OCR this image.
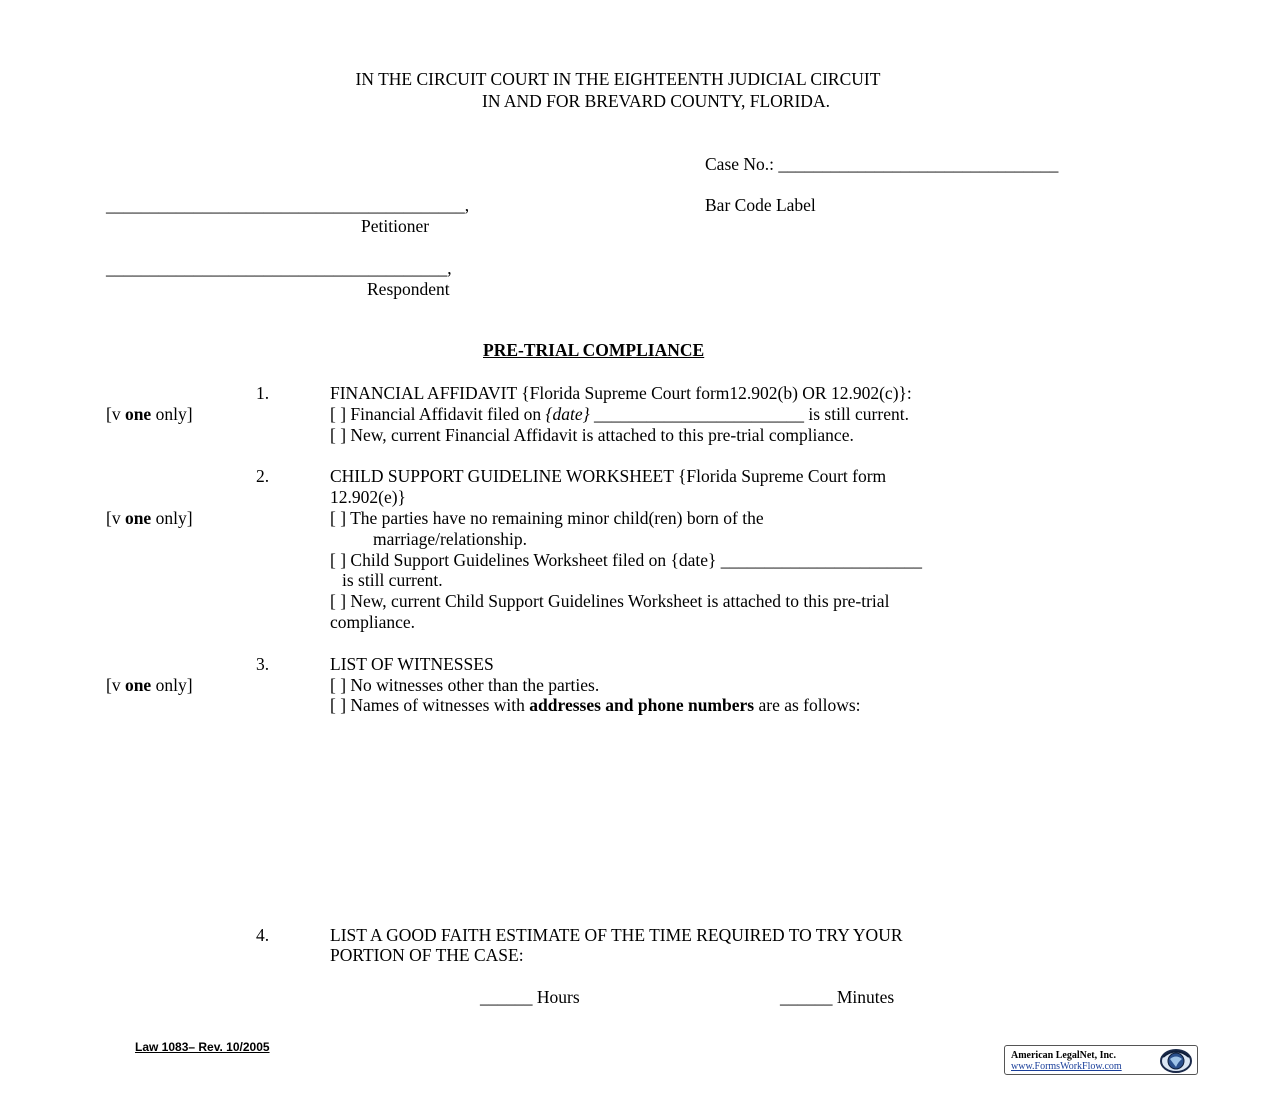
IN THE CIRCUIT COURT IN THE EIGHTEENTH JUDICIAL CIRCUIT
IN AND FOR BREVARD COUNTY, FLORIDA.
Case No.: ________________________________
_________________________________________,	Bar Code Label
Petitioner
_______________________________________,
Respondent
PRE-TRIAL COMPLIANCE
1.	FINANCIAL AFFIDAVIT {Florida Supreme Court form12.902(b) OR 12.902(c)}:
[v one only]	[ ] Financial Affidavit filed on {date} ________________________ is still current.
[ ] New, current Financial Affidavit is attached to this pre-trial compliance.
2.	CHILD SUPPORT GUIDELINE WORKSHEET {Florida Supreme Court form
12.902(e)}
[v one only]	[ ] The parties have no remaining minor child(ren) born of the
marriage/relationship.
[ ] Child Support Guidelines Worksheet filed on {date} _______________________
is still current.
[ ] New, current Child Support Guidelines Worksheet is attached to this pre-trial
compliance.
3.	LIST OF WITNESSES
[v one only]	[ ] No witnesses other than the parties.
[ ] Names of witnesses with addresses and phone numbers are as follows:
4.	LIST A GOOD FAITH ESTIMATE OF THE TIME REQUIRED TO TRY YOUR
PORTION OF THE CASE:
______ Hours	______ Minutes
Law 1083– Rev. 10/2005
American LegalNet, Inc.
www.FormsWorkFlow.com
